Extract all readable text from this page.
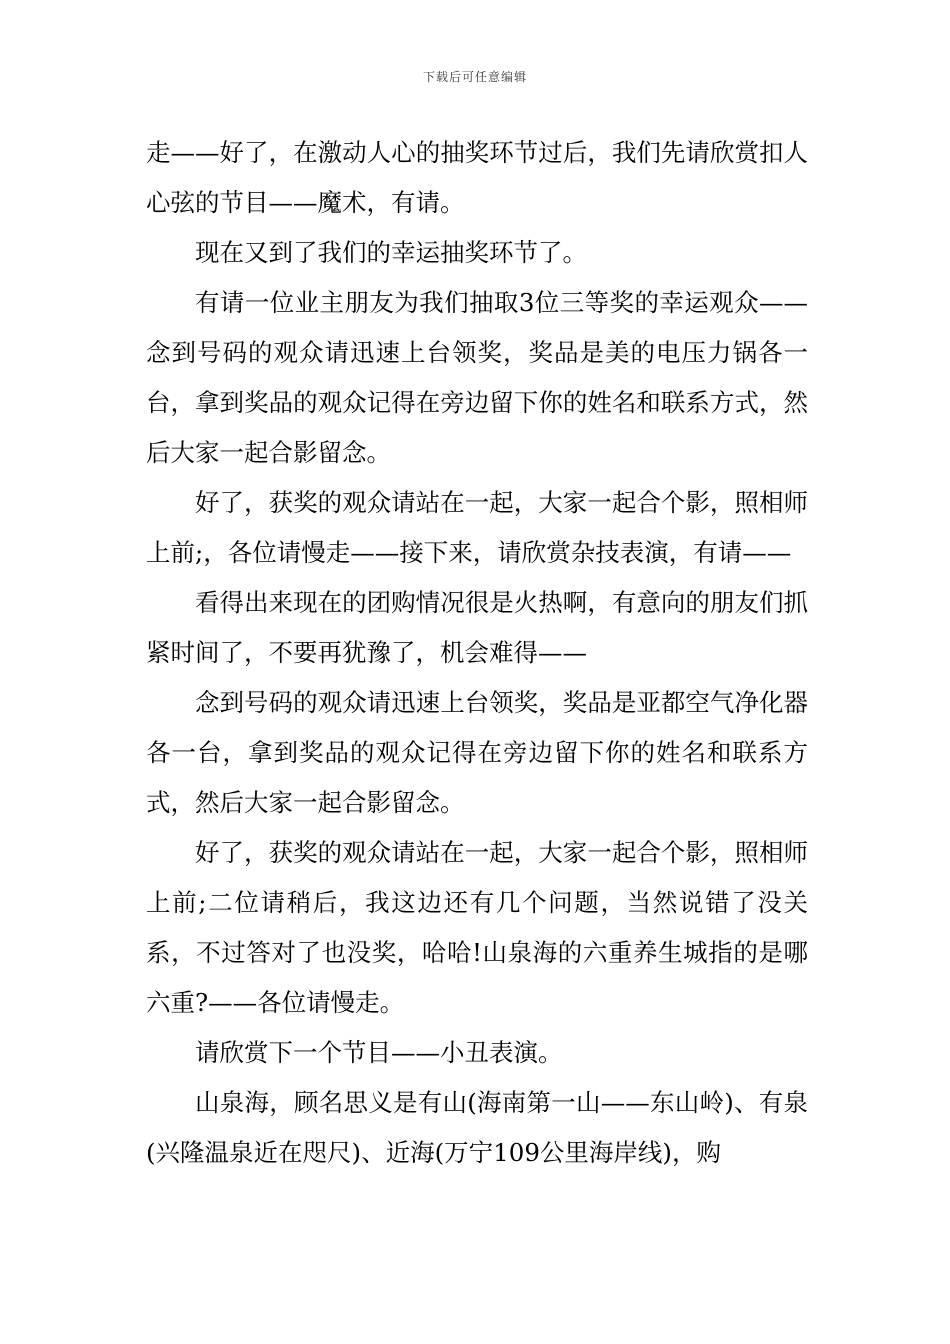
下载后可任意编辑

走——好了，在激动人心的抽奖环节过后，我们先请欣赏扣人心弦的节目——魔术，有请。

现在又到了我们的幸运抽奖环节了。

有请一位业主朋友为我们抽取3位三等奖的幸运观众——念到号码的观众请迅速上台领奖，奖品是美的电压力锅各一台，拿到奖品的观众记得在旁边留下你的姓名和联系方式，然后大家一起合影留念。

好了，获奖的观众请站在一起，大家一起合个影，照相师上前;，各位请慢走——接下来，请欣赏杂技表演，有请——

看得出来现在的团购情况很是火热啊，有意向的朋友们抓紧时间了，不要再犹豫了，机会难得——

念到号码的观众请迅速上台领奖，奖品是亚都空气净化器各一台，拿到奖品的观众记得在旁边留下你的姓名和联系方式，然后大家一起合影留念。

好了，获奖的观众请站在一起，大家一起合个影，照相师上前;二位请稍后，我这边还有几个问题，当然说错了没关系，不过答对了也没奖，哈哈!山泉海的六重养生城指的是哪六重?——各位请慢走。

请欣赏下一个节目——小丑表演。

山泉海，顾名思义是有山(海南第一山——东山岭)、有泉(兴隆温泉近在咫尺)、近海(万宁109公里海岸线)，购
